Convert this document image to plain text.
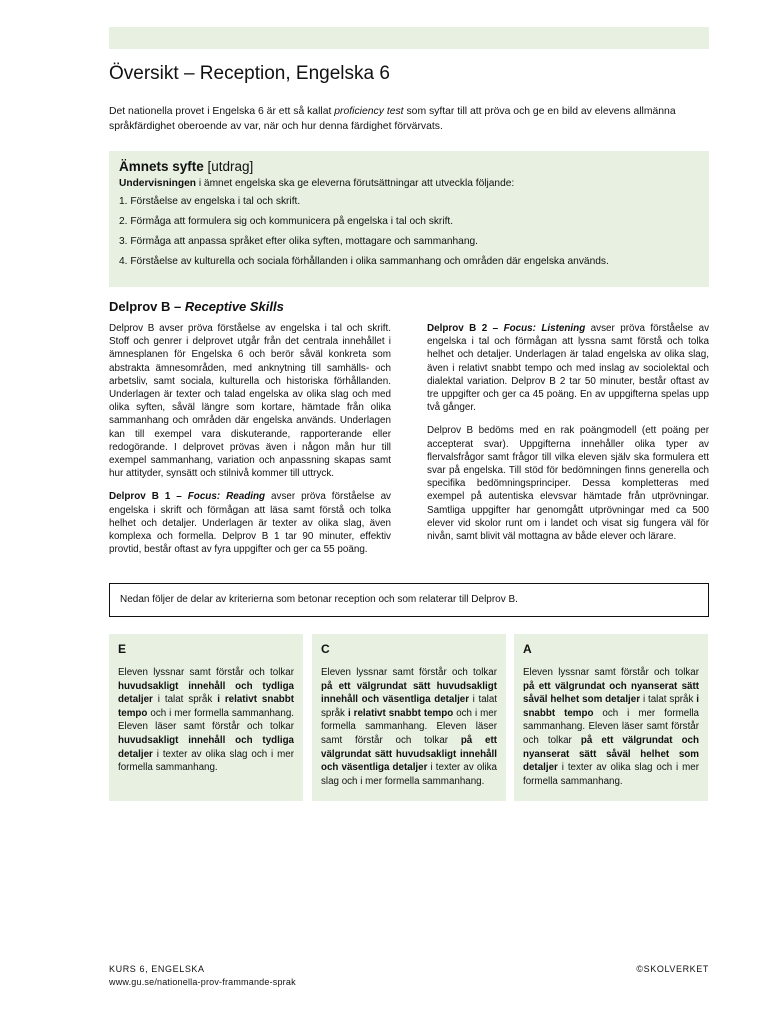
Översikt – Reception, Engelska 6

Det nationella provet i Engelska 6 är ett så kallat proficiency test som syftar till att pröva och ge en bild av elevens allmänna språkfärdighet oberoende av var, när och hur denna färdighet förvärvats.

Ämnets syfte [utdrag]

Undervisningen i ämnet engelska ska ge eleverna förutsättningar att utveckla följande:

1. Förståelse av engelska i tal och skrift.
2. Förmåga att formulera sig och kommunicera på engelska i tal och skrift.
3. Förmåga att anpassa språket efter olika syften, mottagare och sammanhang.
4. Förståelse av kulturella och sociala förhållanden i olika sammanhang och områden där engelska används.
Delprov B – Receptive Skills

Delprov B avser pröva förståelse av engelska i tal och skrift. Stoff och genrer i delprovet utgår från det centrala innehållet i ämnesplanen för Engelska 6 och berör såväl konkreta som abstrakta ämnesområden, med anknytning till samhälls- och arbetsliv, samt sociala, kulturella och historiska förhållanden. Underlagen är texter och talad engelska av olika slag och med olika syften, såväl längre som kortare, hämtade från olika sammanhang och områden där engelska används. Underlagen kan till exempel vara diskuterande, rapporterande eller redogörande. I delprovet prövas även i någon mån hur till exempel sammanhang, variation och anpassning skapas samt hur attityder, synsätt och stilnivå kommer till uttryck.

Delprov B 1 – Focus: Reading avser pröva förståelse av engelska i skrift och förmågan att läsa samt förstå och tolka helhet och detaljer. Underlagen är texter av olika slag, även komplexa och formella. Delprov B 1 tar 90 minuter, effektiv provtid, består oftast av fyra uppgifter och ger ca 55 poäng.

Delprov B 2 – Focus: Listening avser pröva förståelse av engelska i tal och förmågan att lyssna samt förstå och tolka helhet och detaljer. Underlagen är talad engelska av olika slag, även i relativt snabbt tempo och med inslag av sociolektal och dialektal variation. Delprov B 2 tar 50 minuter, består oftast av tre uppgifter och ger ca 45 poäng. En av uppgifterna spelas upp två gånger.

Delprov B bedöms med en rak poängmodell (ett poäng per accepterat svar). Uppgifterna innehåller olika typer av flervalsfrågor samt frågor till vilka eleven själv ska formulera ett svar på engelska. Till stöd för bedömningen finns generella och specifika bedömningsprinciper. Dessa kompletteras med exempel på autentiska elevsvar hämtade från utprövningar. Samtliga uppgifter har genomgått utprövningar med ca 500 elever vid skolor runt om i landet och visat sig fungera väl för nivån, samt blivit väl mottagna av både elever och lärare.

Nedan följer de delar av kriterierna som betonar reception och som relaterar till Delprov B.
E

Eleven lyssnar samt förstår och tolkar huvudsakligt innehåll och tydliga detaljer i talat språk i relativt snabbt tempo och i mer formella sammanhang. Eleven läser samt förstår och tolkar huvudsakligt innehåll och tydliga detaljer i texter av olika slag och i mer formella sammanhang.

C

Eleven lyssnar samt förstår och tolkar på ett välgrundat sätt huvudsakligt innehåll och väsentliga detaljer i talat språk i relativt snabbt tempo och i mer formella sammanhang. Eleven läser samt förstår och tolkar på ett välgrundat sätt huvudsakligt innehåll och väsentliga detaljer i texter av olika slag och i mer formella sammanhang.

A

Eleven lyssnar samt förstår och tolkar på ett välgrundat och nyanserat sätt såväl helhet som detaljer i talat språk i snabbt tempo och i mer formella sammanhang. Eleven läser samt förstår och tolkar på ett välgrundat och nyanserat sätt såväl helhet som detaljer i texter av olika slag och i mer formella sammanhang.

KURS 6, ENGELSKA
www.gu.se/nationella-prov-frammande-sprak
©SKOLVERKET
